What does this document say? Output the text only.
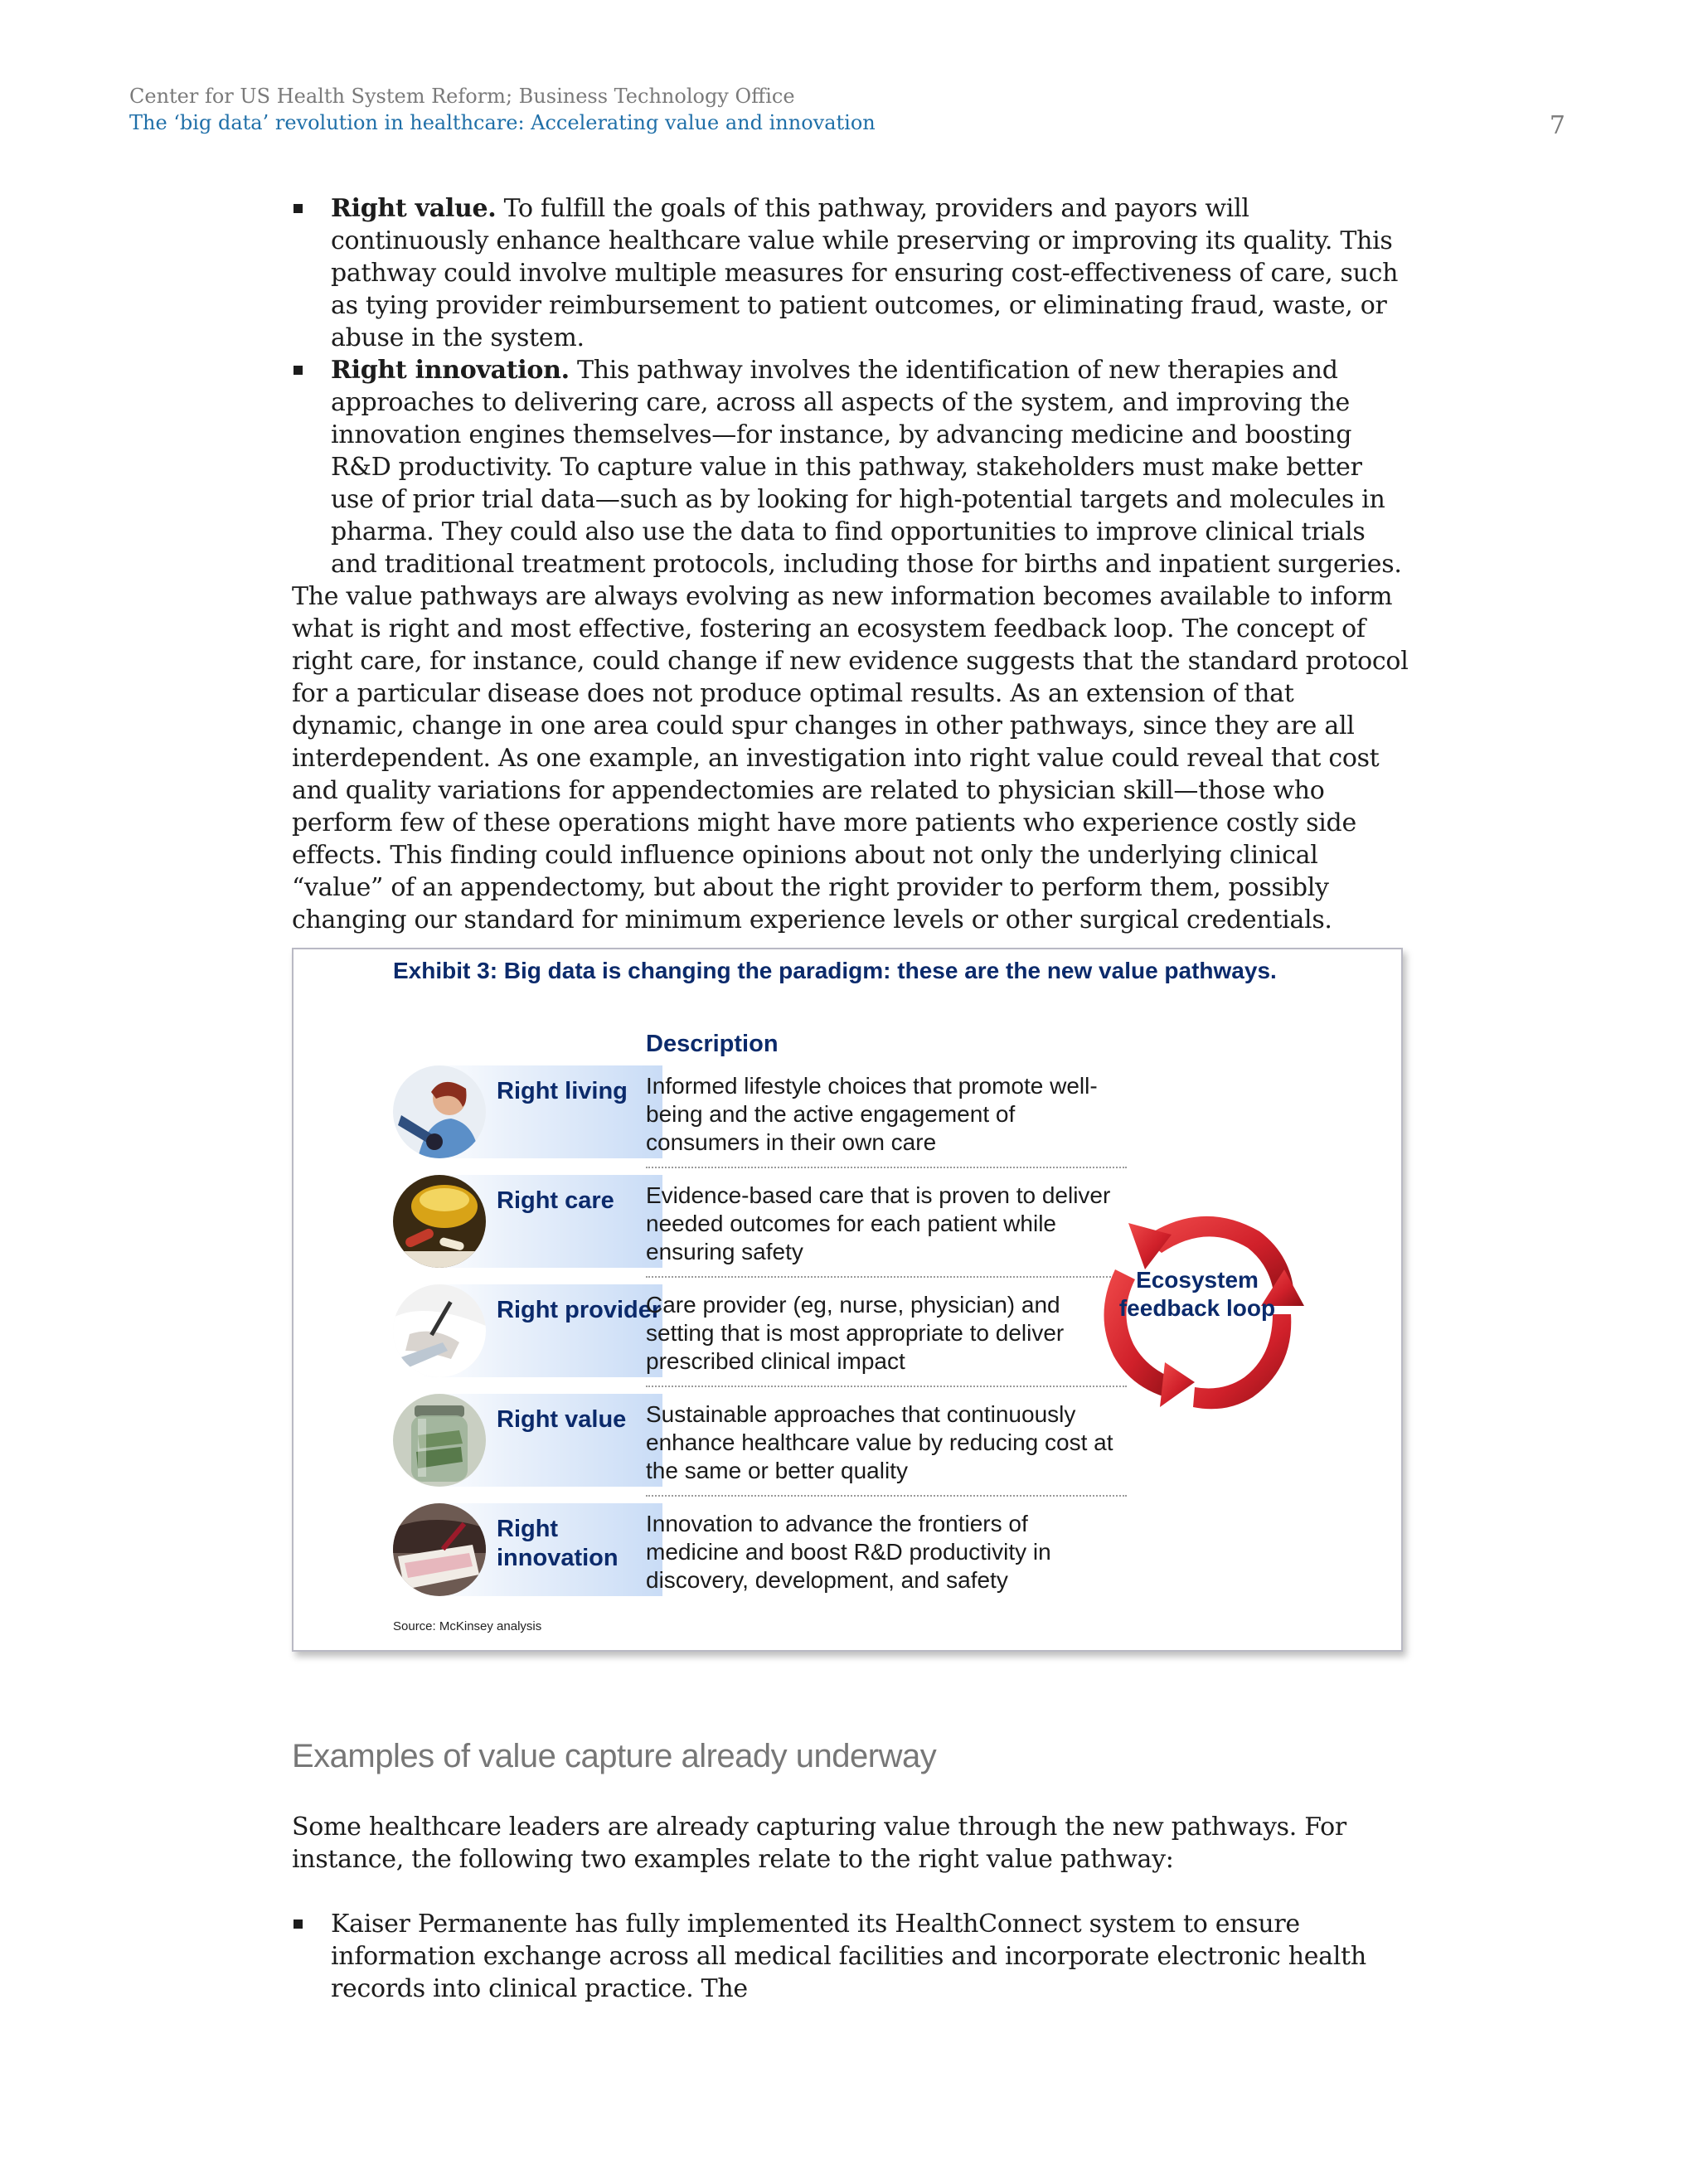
Center for US Health System Reform; Business Technology Office
The ‘big data’ revolution in healthcare: Accelerating value and innovation	7
Right value. To fulfill the goals of this pathway, providers and payors will continuously enhance healthcare value while preserving or improving its quality. This pathway could involve multiple measures for ensuring cost-effectiveness of care, such as tying provider reimbursement to patient outcomes, or eliminating fraud, waste, or abuse in the system.
Right innovation. This pathway involves the identification of new therapies and approaches to delivering care, across all aspects of the system, and improving the innovation engines themselves—for instance, by advancing medicine and boosting R&D productivity. To capture value in this pathway, stakeholders must make better use of prior trial data—such as by looking for high-potential targets and molecules in pharma. They could also use the data to find opportunities to improve clinical trials and traditional treatment protocols, including those for births and inpatient surgeries.

The value pathways are always evolving as new information becomes available to inform what is right and most effective, fostering an ecosystem feedback loop. The concept of right care, for instance, could change if new evidence suggests that the standard protocol for a particular disease does not produce optimal results. As an extension of that dynamic, change in one area could spur changes in other pathways, since they are all interdependent. As one example, an investigation into right value could reveal that cost and quality variations for appendectomies are related to physician skill—those who perform few of these operations might have more patients who experience costly side effects. This finding could influence opinions about not only the underlying clinical “value” of an appendectomy, but about the right provider to perform them, possibly changing our standard for minimum experience levels or other surgical credentials.

Exhibit 3: Big data is changing the paradigm: these are the new value pathways.
Description
Right living Informed lifestyle choices that promote well-being and the active engagement of consumers in their own care
Right care	Evidence-based care that is proven to deliver needed outcomes for each patient while ensuring safety
Right provider
Care provider (eg, nurse, physician) and setting that is most appropriate to deliver prescribed clinical impact
Right value Sustainable approaches that continuously enhance healthcare value by reducing cost at the same or better quality
Right innovation
Innovation to advance the frontiers of medicine and boost R&D productivity in discovery, development, and safety
Ecosystem feedback loop
Source: McKinsey analysis
Examples of value capture already underway

Some healthcare leaders are already capturing value through the new pathways. For instance, the following two examples relate to the right value pathway:

Kaiser Permanente has fully implemented its HealthConnect system to ensure information exchange across all medical facilities and incorporate electronic health records into clinical practice. The
